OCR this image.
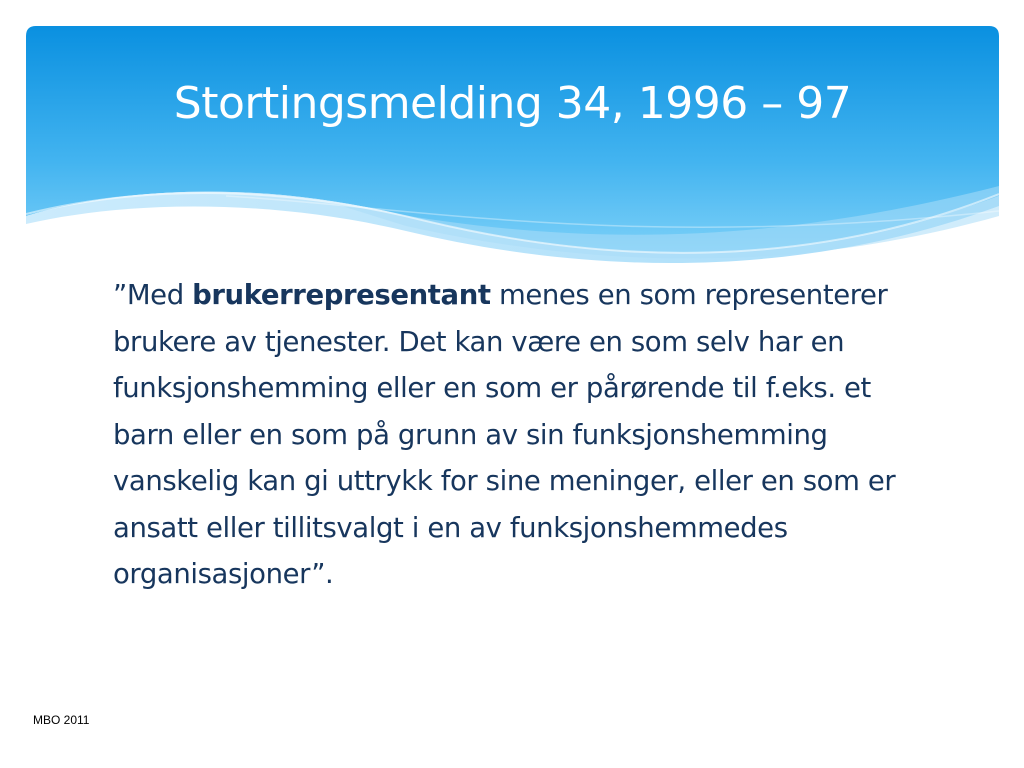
Stortingsmelding 34, 1996 – 97

”Med brukerrepresentant menes en som representerer brukere av tjenester. Det kan være en som selv har en funksjonshemming eller en som er pårørende til f.eks. et barn eller en som på grunn av sin funksjonshemming vanskelig kan gi uttrykk for sine meninger, eller en som er ansatt eller tillitsvalgt i en av funksjonshemmedes organisasjoner”.

MBO 2011
